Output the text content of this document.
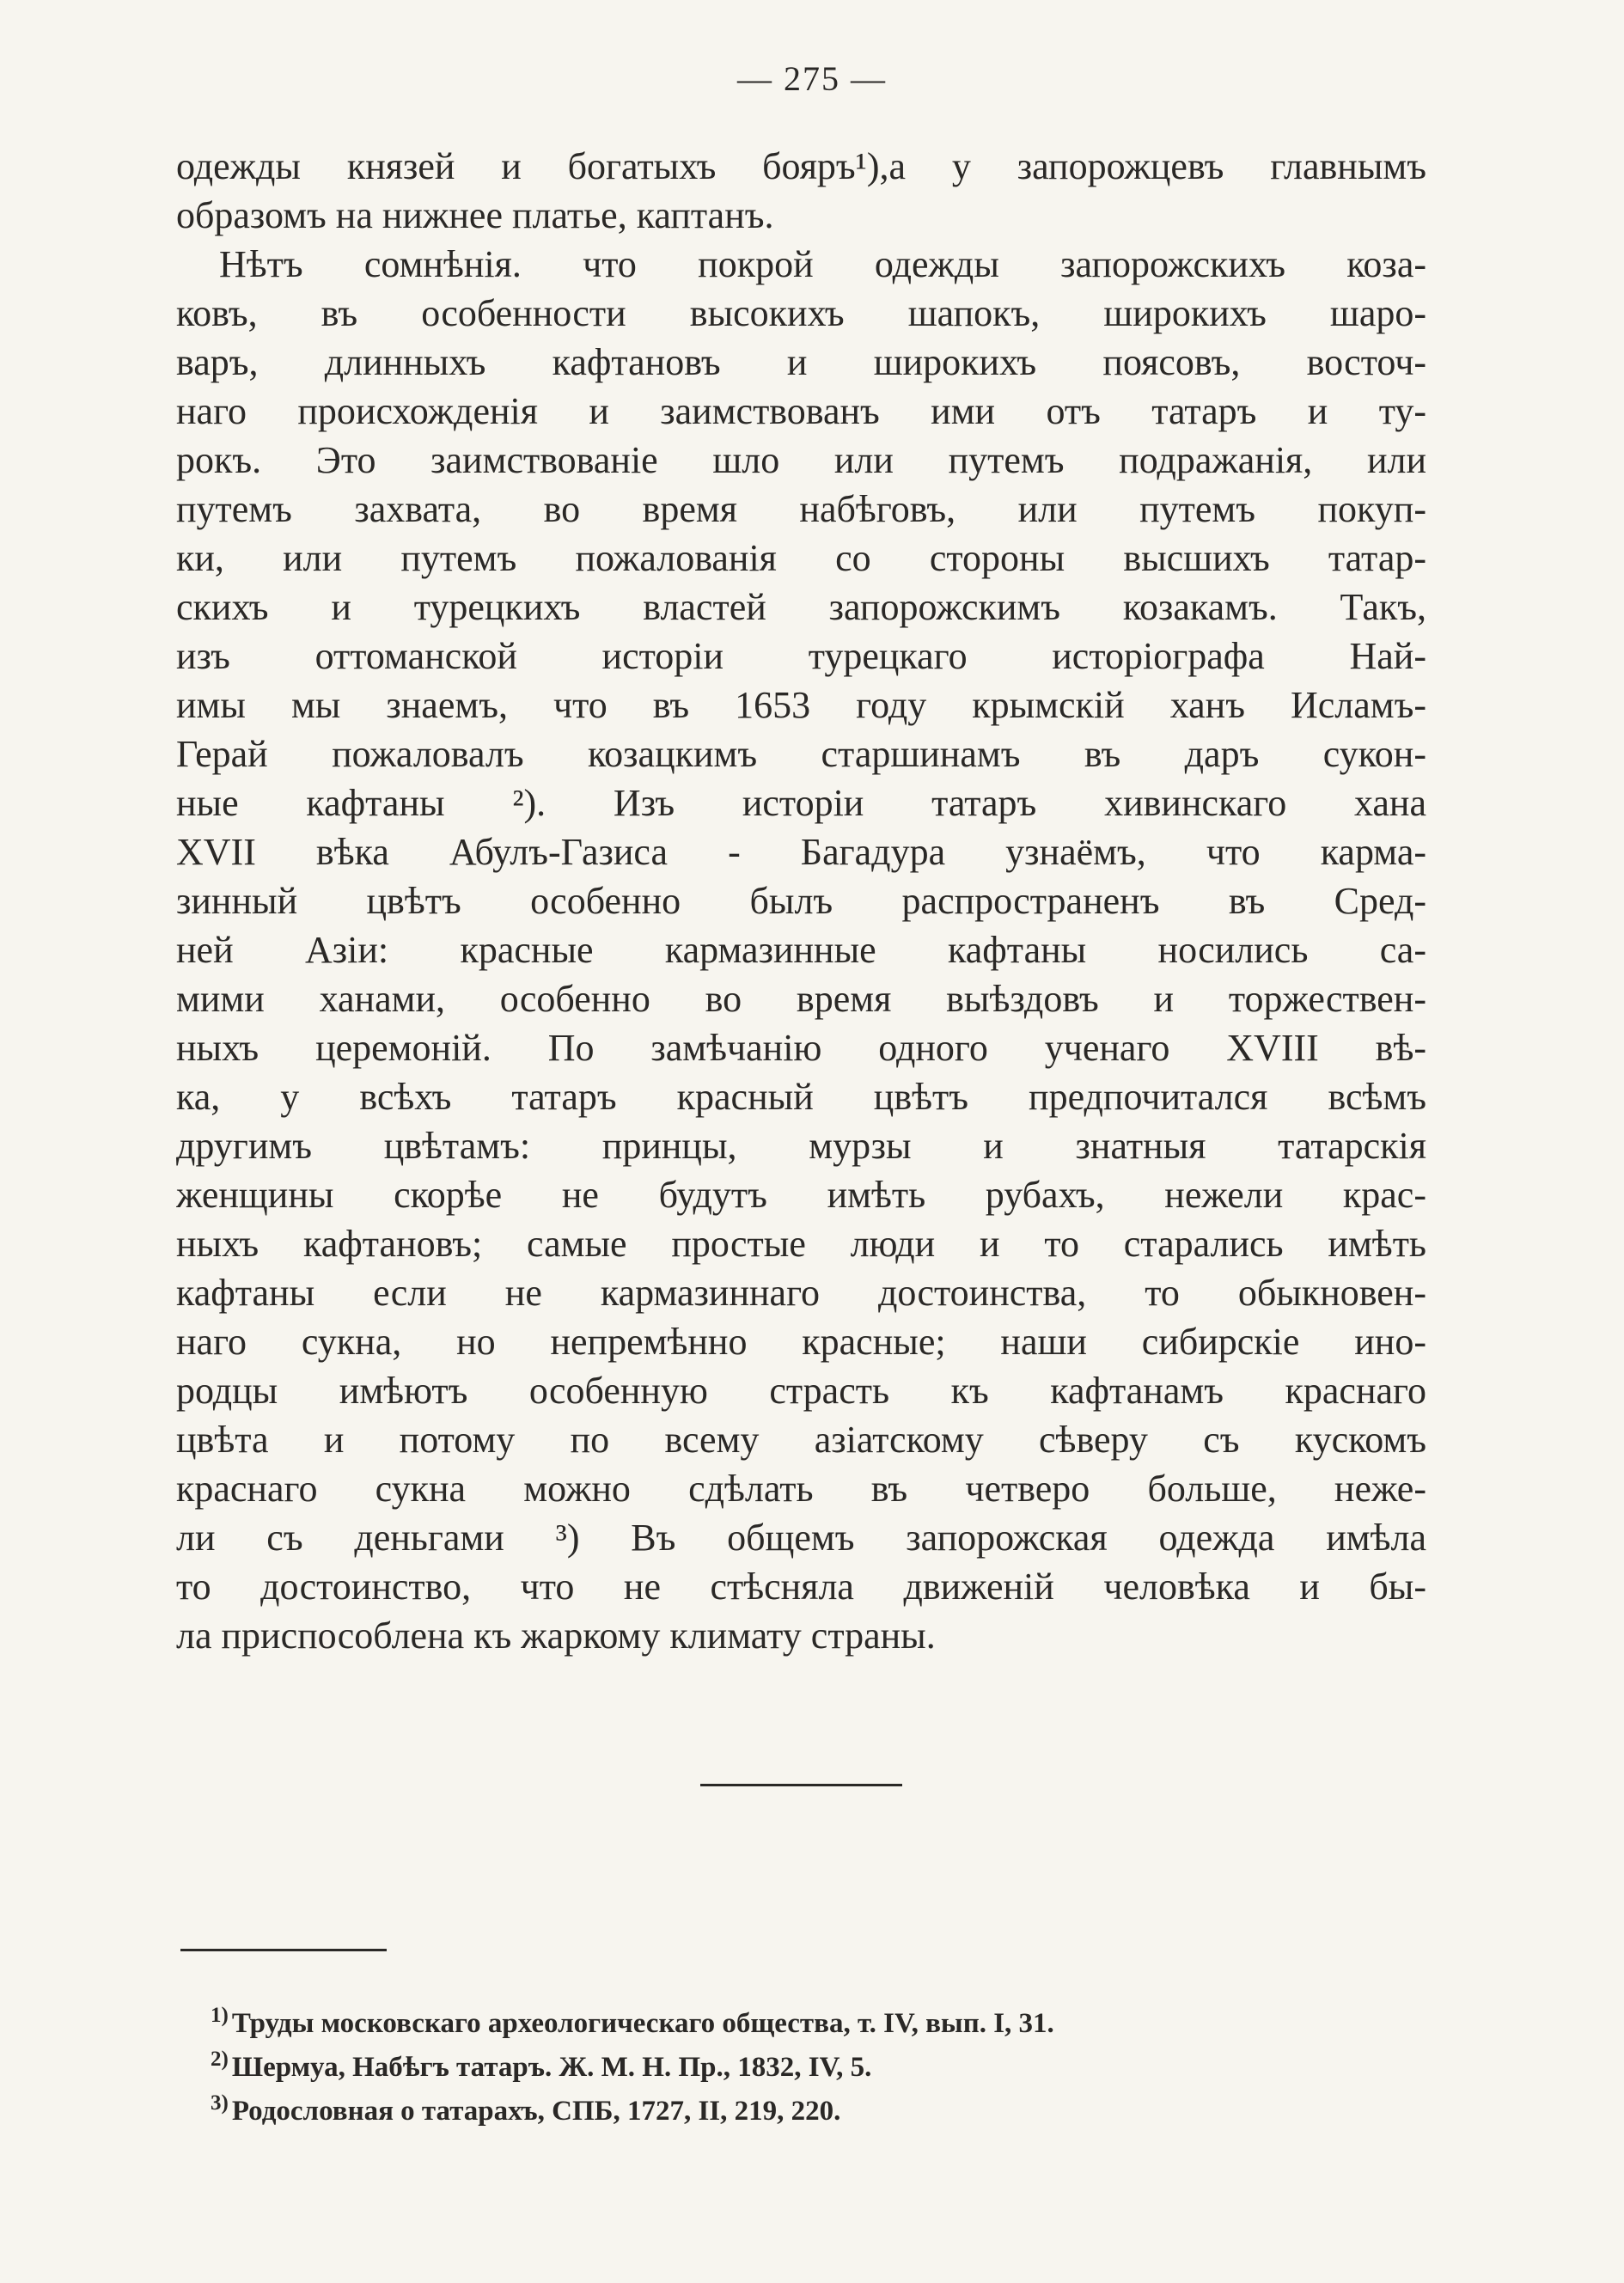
— 275 —
одежды князей и богатыхъ бояръ¹),а у запорожцевъ главнымъ
образомъ на нижнее платье, каптанъ.
Нѣтъ сомнѣнія. что покрой одежды запорожскихъ коза-
ковъ, въ особенности высокихъ шапокъ, широкихъ шаро-
варъ, длинныхъ кафтановъ и широкихъ поясовъ, восточ-
наго происхожденія и заимствованъ ими отъ татаръ и ту-
рокъ. Это заимствованіе шло или путемъ подражанія, или
путемъ захвата, во время набѣговъ, или путемъ покуп-
ки, или путемъ пожалованія со стороны высшихъ татар-
скихъ и турецкихъ властей запорожскимъ козакамъ. Такъ,
изъ оттоманской исторіи турецкаго исторіографа Най-
имы мы знаемъ, что въ 1653 году крымскій ханъ Исламъ-
Герай пожаловалъ козацкимъ старшинамъ въ даръ сукон-
ные кафтаны ²). Изъ исторіи татаръ хивинскаго хана
XVII вѣка Абулъ-Газиса - Багадура узнаёмъ, что карма-
зинный цвѣтъ особенно былъ распространенъ въ Сред-
ней Азіи: красные кармазинные кафтаны носились са-
мими ханами, особенно во время выѣздовъ и торжествен-
ныхъ церемоній. По замѣчанію одного ученаго XVIII вѣ-
ка, у всѣхъ татаръ красный цвѣтъ предпочитался всѣмъ
другимъ цвѣтамъ: принцы, мурзы и знатныя татарскія
женщины скорѣе не будутъ имѣть рубахъ, нежели крас-
ныхъ кафтановъ; самые простые люди и то старались имѣть
кафтаны если не кармазиннаго достоинства, то обыкновен-
наго сукна, но непремѣнно красные; наши сибирскіе ино-
родцы имѣютъ особенную страсть къ кафтанамъ краснаго
цвѣта и потому по всему азіатскому сѣверу съ кускомъ
краснаго сукна можно сдѣлать въ четверо больше, неже-
ли съ деньгами ³) Въ общемъ запорожская одежда имѣла
то достоинство, что не стѣсняла движеній человѣка и бы-
ла приспособлена къ жаркому климату страны.
$^{1)}$ Труды московскаго археологическаго общества, т. IV, вып. I, 31.
$^{2)}$ Шермуа, Набѣгъ татаръ. Ж. М. Н. Пр., 1832, IV, 5.
$^{3)}$ Родословная о татарахъ, СПБ, 1727, II, 219, 220.
